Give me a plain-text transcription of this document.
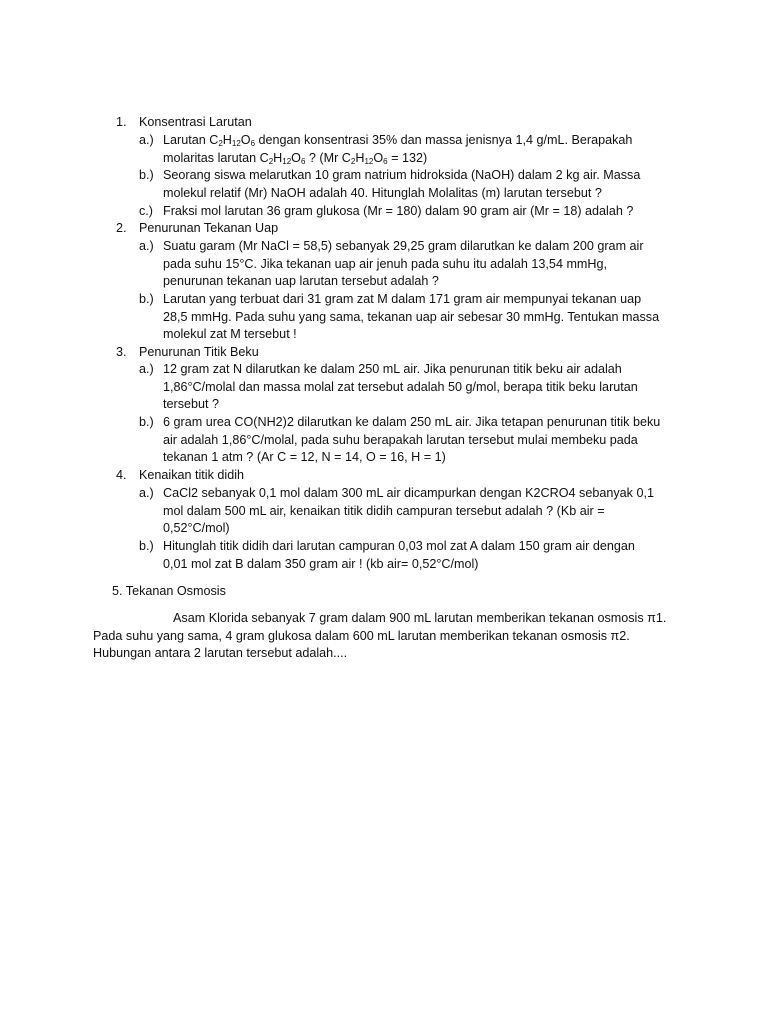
1. Konsentrasi Larutan
a.) Larutan $C_2H_{12}O_6$ dengan konsentrasi 35% dan massa jenisnya 1,4 g/mL. Berapakah
molaritas larutan $C_2H_{12}O_6$ ? (Mr $C_2H_{12}O_6 = 132$)
b.) Seorang siswa melarutkan 10 gram natrium hidroksida (NaOH) dalam 2 kg air. Massa
molekul relatif (Mr) NaOH adalah 40. Hitunglah Molalitas (m) larutan tersebut ?
c.) Fraksi mol larutan 36 gram glukosa (Mr = 180) dalam 90 gram air (Mr = 18) adalah ?
2. Penurunan Tekanan Uap
a.) Suatu garam (Mr NaCl = 58,5) sebanyak 29,25 gram dilarutkan ke dalam 200 gram air
pada suhu 15°C. Jika tekanan uap air jenuh pada suhu itu adalah 13,54 mmHg,
penurunan tekanan uap larutan tersebut adalah ?
b.) Larutan yang terbuat dari 31 gram zat M dalam 171 gram air mempunyai tekanan uap
28,5 mmHg. Pada suhu yang sama, tekanan uap air sebesar 30 mmHg. Tentukan massa
molekul zat M tersebut !
3. Penurunan Titik Beku
a.) 12 gram zat N dilarutkan ke dalam 250 mL air. Jika penurunan titik beku air adalah
1,86°C/molal dan massa molal zat tersebut adalah 50 g/mol, berapa titik beku larutan
tersebut ?
b.) 6 gram urea CO(NH2)2 dilarutkan ke dalam 250 mL air. Jika tetapan penurunan titik beku
air adalah 1,86°C/molal, pada suhu berapakah larutan tersebut mulai membeku pada
tekanan 1 atm ? (Ar C = 12, N = 14, O = 16, H = 1)
4. Kenaikan titik didih
a.) CaCl2 sebanyak 0,1 mol dalam 300 mL air dicampurkan dengan K2CRO4 sebanyak 0,1
mol dalam 500 mL air, kenaikan titik didih campuran tersebut adalah ? (Kb air =
0,52°C/mol)
b.) Hitunglah titik didih dari larutan campuran 0,03 mol zat A dalam 150 gram air dengan
0,01 mol zat B dalam 350 gram air ! (kb air= 0,52°C/mol)
5. Tekanan Osmosis
Asam Klorida sebanyak 7 gram dalam 900 mL larutan memberikan tekanan osmosis π1.
Pada suhu yang sama, 4 gram glukosa dalam 600 mL larutan memberikan tekanan osmosis π2.
Hubungan antara 2 larutan tersebut adalah....
